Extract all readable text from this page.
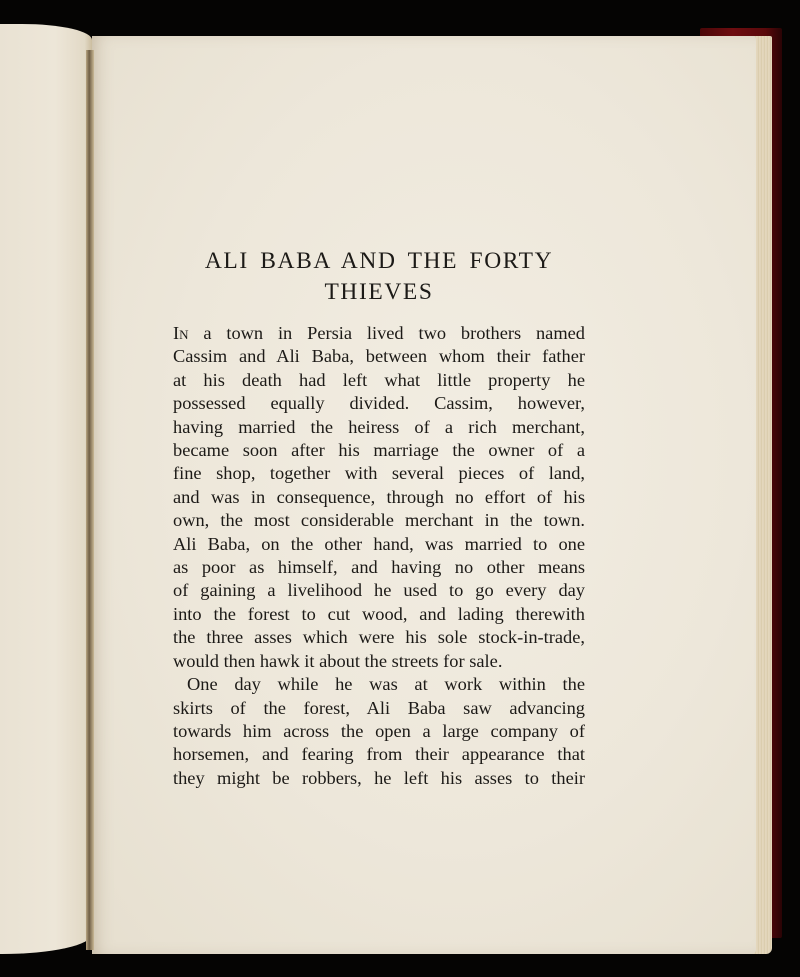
ALI BABA AND THE FORTY
THIEVES

In a town in Persia lived two brothers named
Cassim and Ali Baba, between whom their father
at his death had left what little property he
possessed equally divided. Cassim, however,
having married the heiress of a rich merchant,
became soon after his marriage the owner of a
fine shop, together with several pieces of land,
and was in consequence, through no effort of his
own, the most considerable merchant in the town.
Ali Baba, on the other hand, was married to one
as poor as himself, and having no other means
of gaining a livelihood he used to go every day
into the forest to cut wood, and lading therewith
the three asses which were his sole stock-in-trade,
would then hawk it about the streets for sale.

One day while he was at work within the
skirts of the forest, Ali Baba saw advancing
towards him across the open a large company of
horsemen, and fearing from their appearance that
they might be robbers, he left his asses to their
